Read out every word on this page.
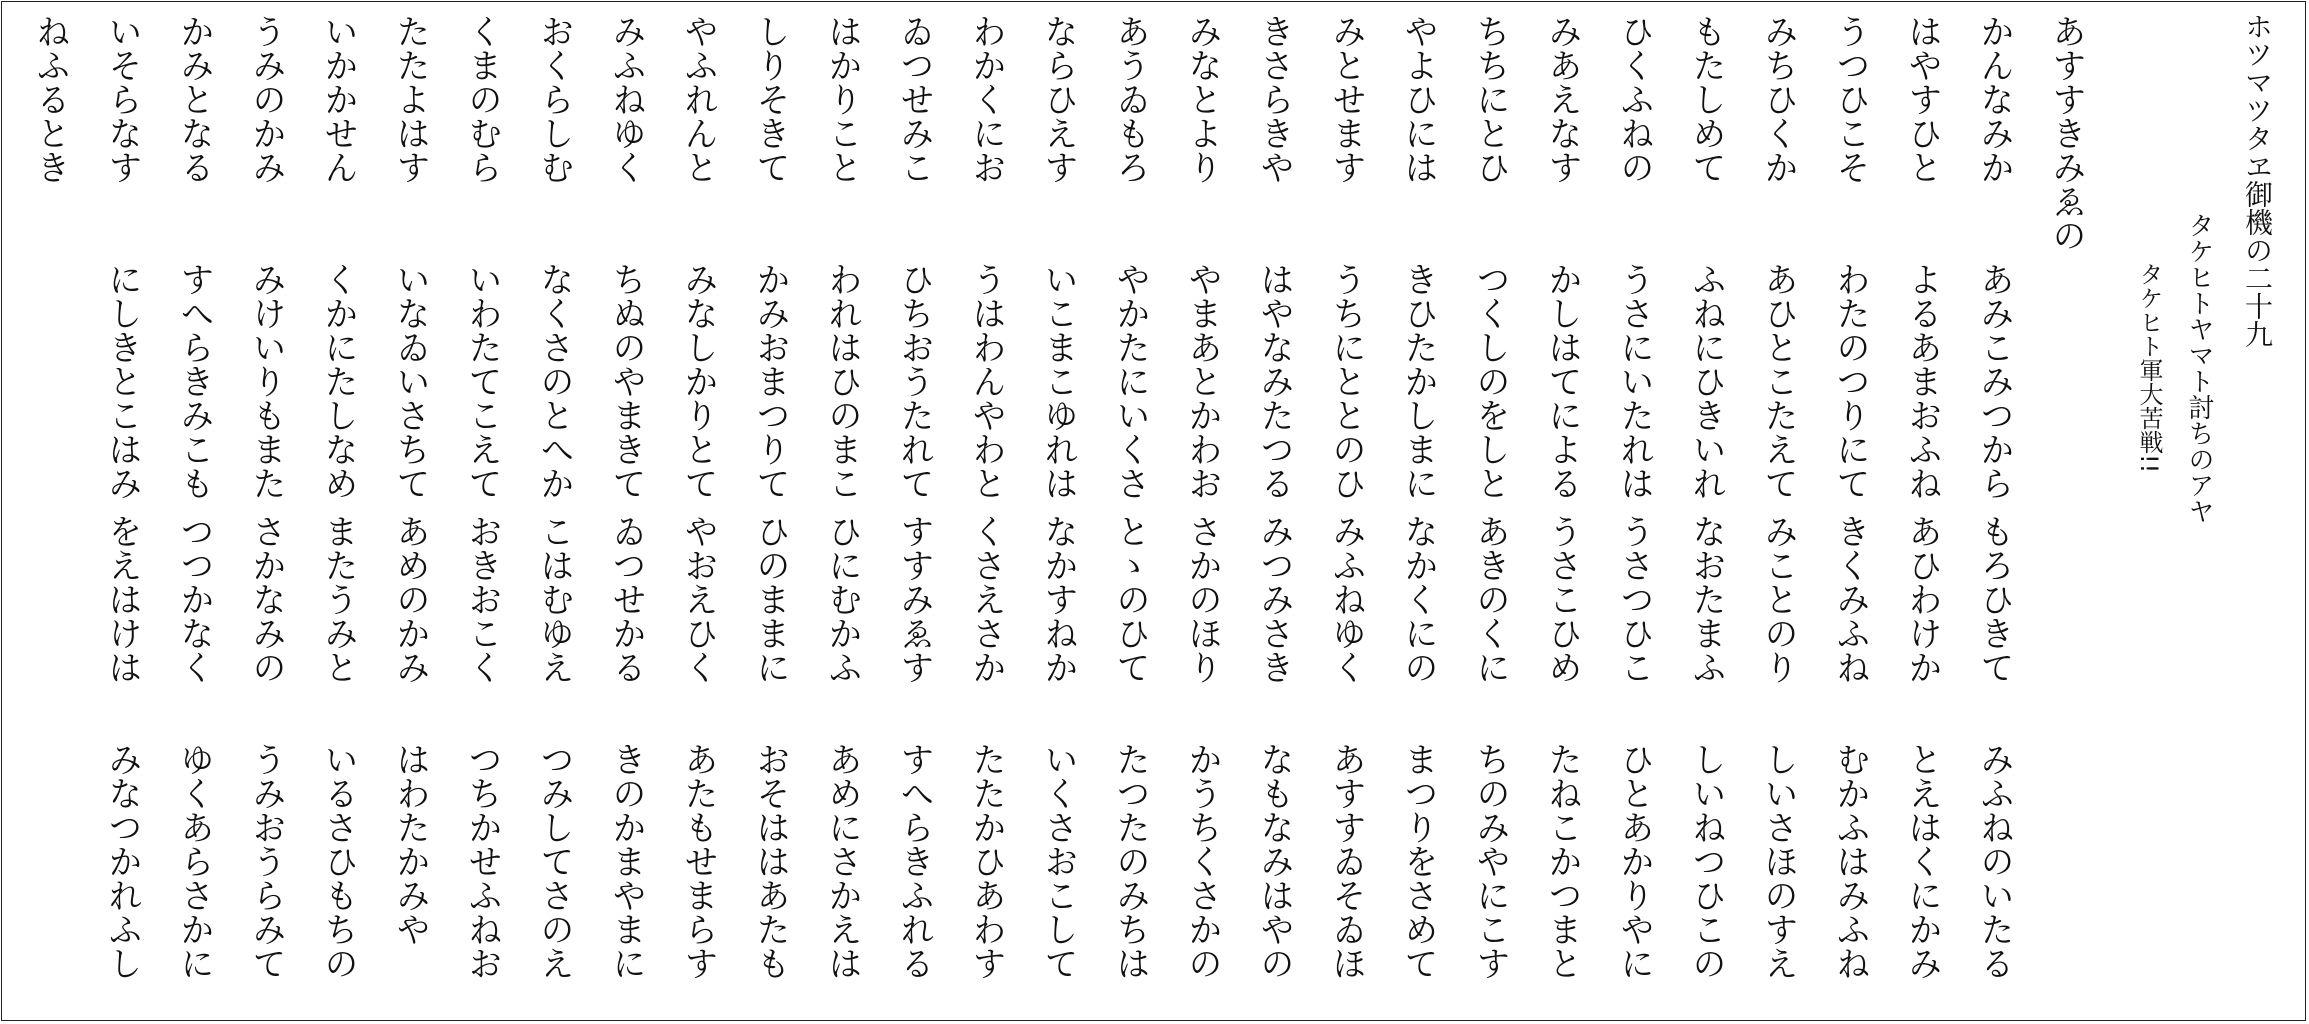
ホツマツタヱ御機の二十九
タケヒトヤマト討ちのアヤ
タケヒト軍大苦戦!!
あすすきみゑの
かんなみか
あみこみつから
もろひきて
みふねのいたる
はやすひと
よるあまおふね
あひわけか
とえはくにかみ
うつひこそ
わたのつりにて
きくみふね
むかふはみふね
みちひくか
あひとこたえて
みことのり
しいさほのすえ
もたしめて
ふねにひきいれ
なおたまふ
しいねつひこの
ひくふねの
うさにいたれは
うさつひこ
ひとあかりやに
みあえなす
かしはてによる
うさこひめ
たねこかつまと
ちちにとひ
つくしのをしと
あきのくに
ちのみやにこす
やよひには
きひたかしまに
なかくにの
まつりをさめて
みとせます
うちにととのひ
みふねゆく
あすすゐそゐほ
きさらきや
はやなみたつる
みつみさき
なもなみはやの
みなとより
やまあとかわお
さかのほり
かうちくさかの
あうゐもろ
やかたにいくさ
とゝのひて
たつたのみちは
ならひえす
いこまこゆれは
なかすねか
いくさおこして
わかくにお
うはわんやわと
くさえさか
たたかひあわす
ゐつせみこ
ひちおうたれて
すすみゑす
すへらきふれる
はかりこと
われはひのまこ
ひにむかふ
あめにさかえは
しりそきて
かみおまつりて
ひのままに
おそははあたも
やふれんと
みなしかりとて
やおえひく
あたもせまらす
みふねゆく
ちぬのやまきて
ゐつせかる
きのかまやまに
おくらしむ
なくさのとへか
こはむゆえ
つみしてさのえ
くまのむら
いわたてこえて
おきおこく
つちかせふねお
たたよはす
いなゐいさちて
あめのかみ
はわたかみや
いかかせん
くかにたしなめ
またうみと
いるさひもちの
うみのかみ
みけいりもまた
さかなみの
うみおうらみて
かみとなる
すへらきみこも
つつかなく
ゆくあらさかに
いそらなす
にしきとこはみ
をえはけは
みなつかれふし
ねふるとき
